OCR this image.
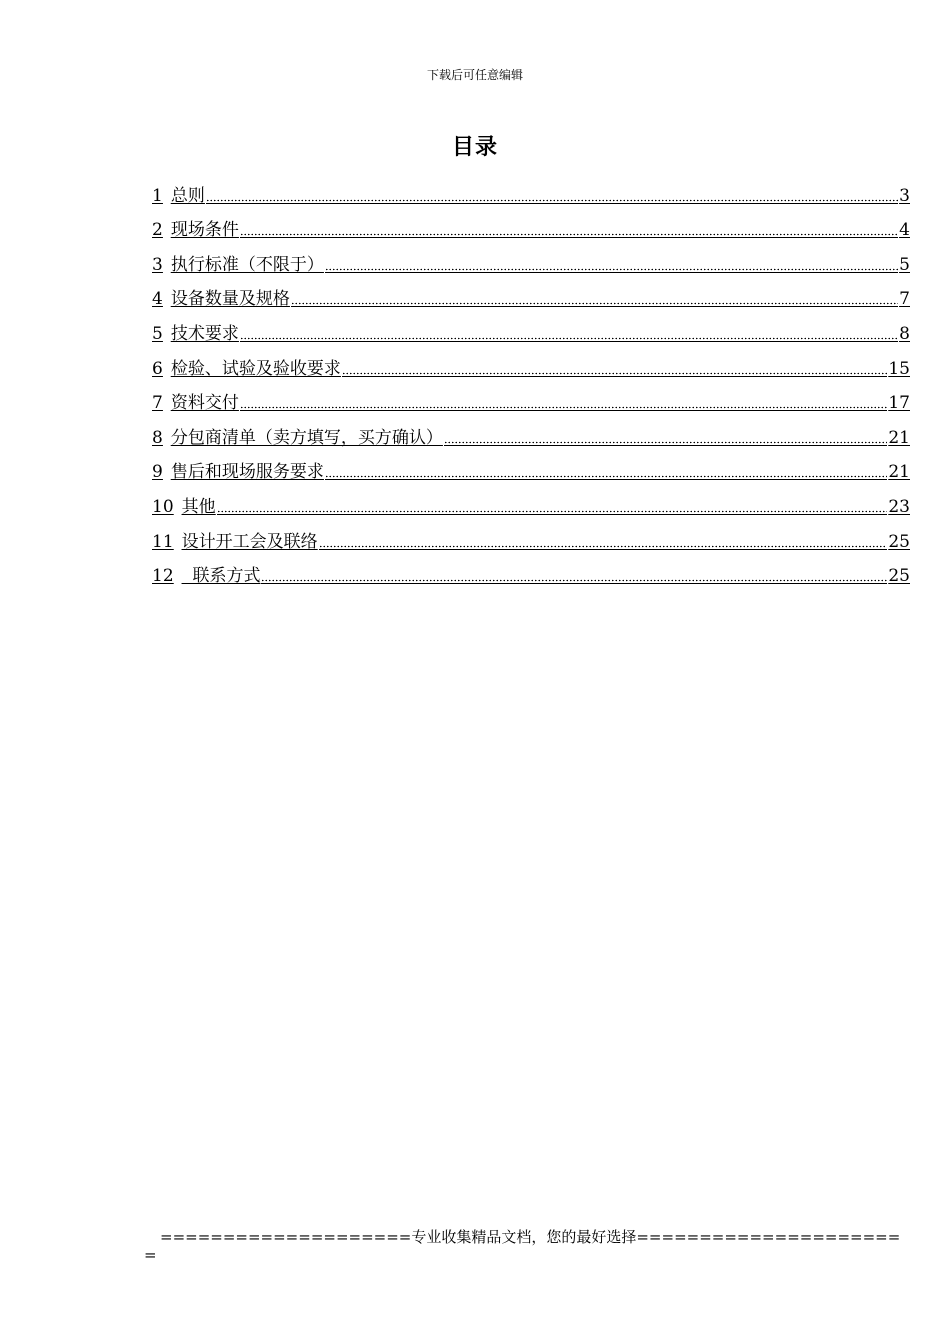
下载后可任意编辑
目录
1 总则	3
2 现场条件	4
3 执行标准（不限于）	5
4 设备数量及规格	7
5 技术要求	8
6 检验、试验及验收要求	15
7 资料交付	17
8 分包商清单（卖方填写，买方确认）	21
9 售后和现场服务要求	21
10 其他	23
11 设计开工会及联络	25
12 联系方式	25
====================专业收集精品文档，您的最好选择=====================
=
